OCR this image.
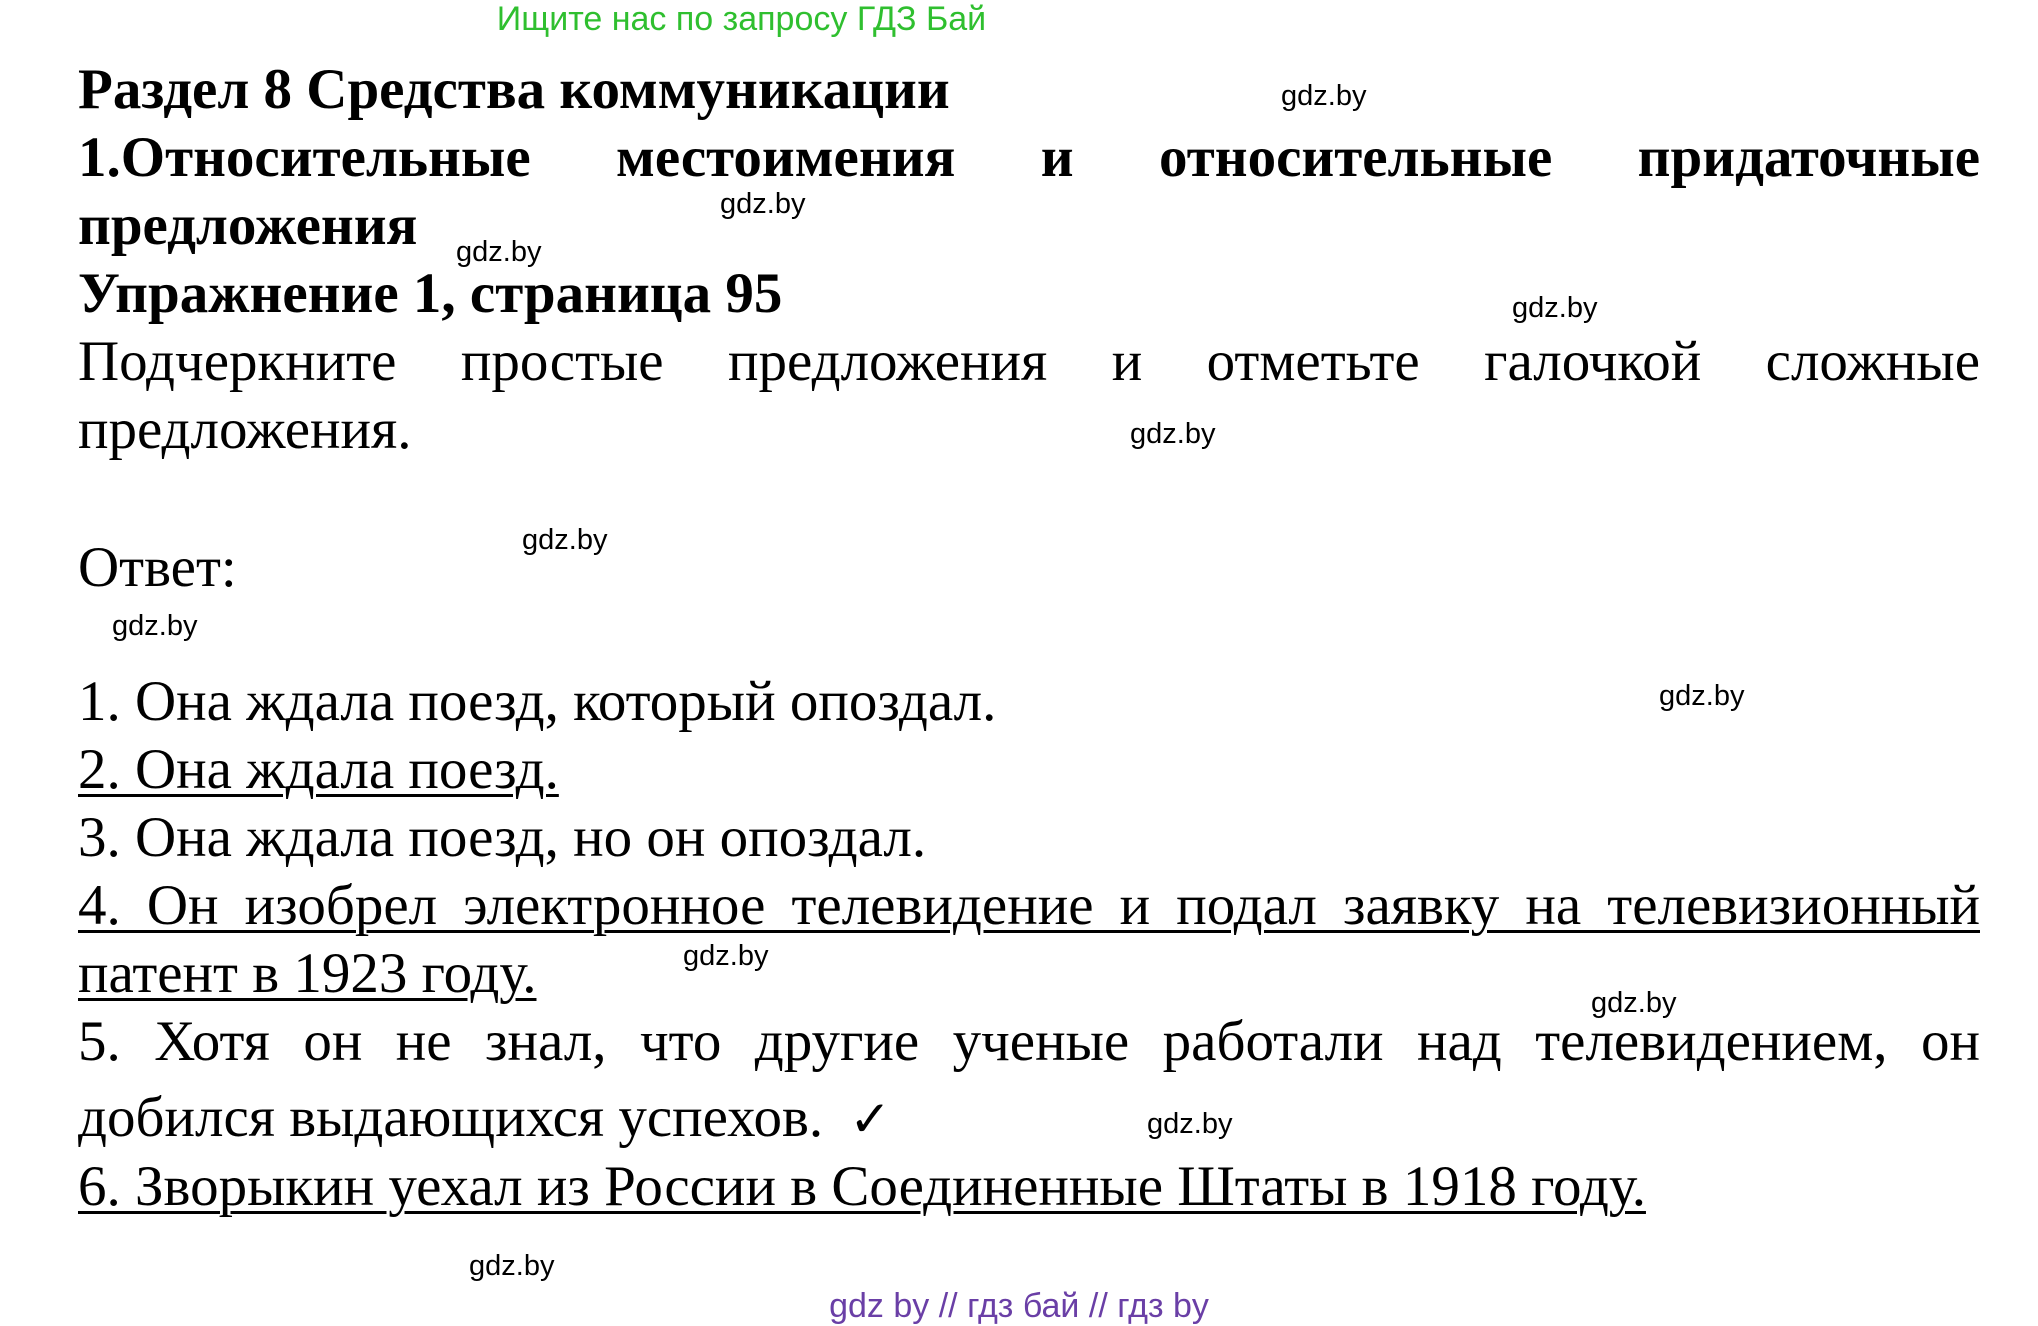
Ищите нас по запросу ГДЗ Бай
gdz.by
gdz.by
gdz.by
gdz.by
gdz.by
gdz.by
gdz.by
gdz.by
gdz.by
gdz.by
gdz.by
gdz.by

Раздел 8 Средства коммуникации

1.Относительные местоимения и относительные придаточные

предложения

Упражнение 1, страница 95

Подчеркните простые предложения и отметьте галочкой сложные

предложения.

Ответ:

1. Она ждала поезд, который опоздал.

2. Она ждала поезд.

3. Она ждала поезд, но он опоздал.

4. Он изобрел электронное телевидение и подал заявку на телевизионный

патент в 1923 году.

5. Хотя он не знал, что другие ученые работали над телевидением, он

добился выдающихся успехов. ✓

6. Зворыкин уехал из России в Соединенные Штаты в 1918 году.

gdz by // гдз бай // гдз by
